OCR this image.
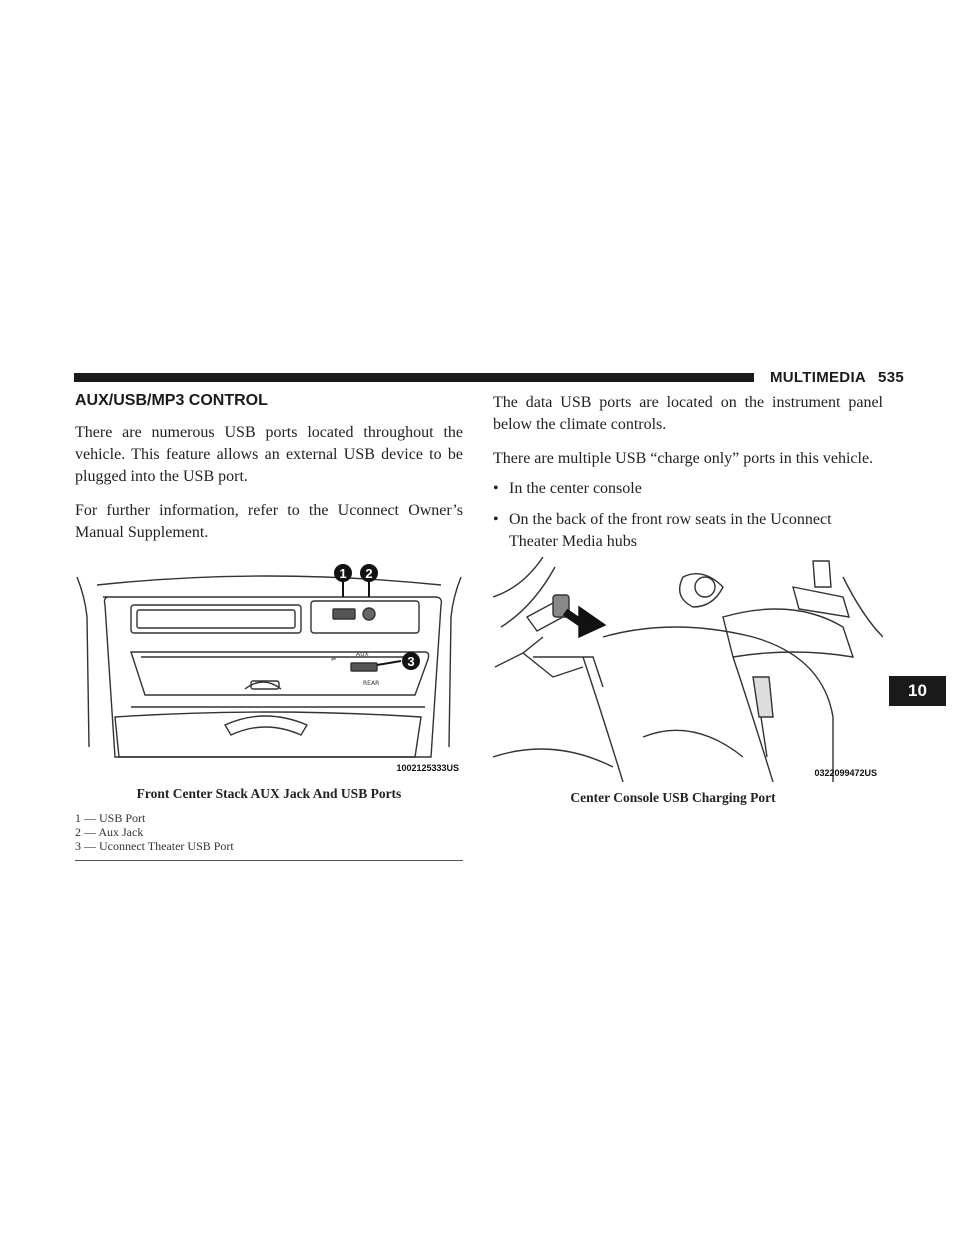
MULTIMEDIA 535
AUX/USB/MP3 CONTROL

There are numerous USB ports located throughout the vehicle. This feature allows an external USB device to be plugged into the USB port.

For further information, refer to the Uconnect Owner’s Manual Supplement.

⇌
AUX
REAR
1 2
3
1002125333US
Front Center Stack AUX Jack And USB Ports
1 — USB Port
2 — Aux Jack
3 — Uconnect Theater USB Port

The data USB ports are located on the instrument panel below the climate controls.

There are multiple USB “charge only” ports in this vehicle.

• In the center console
• On the back of the front row seats in the Uconnect Theater Media hubs
•
0322099472US
Center Console USB Charging Port
10
